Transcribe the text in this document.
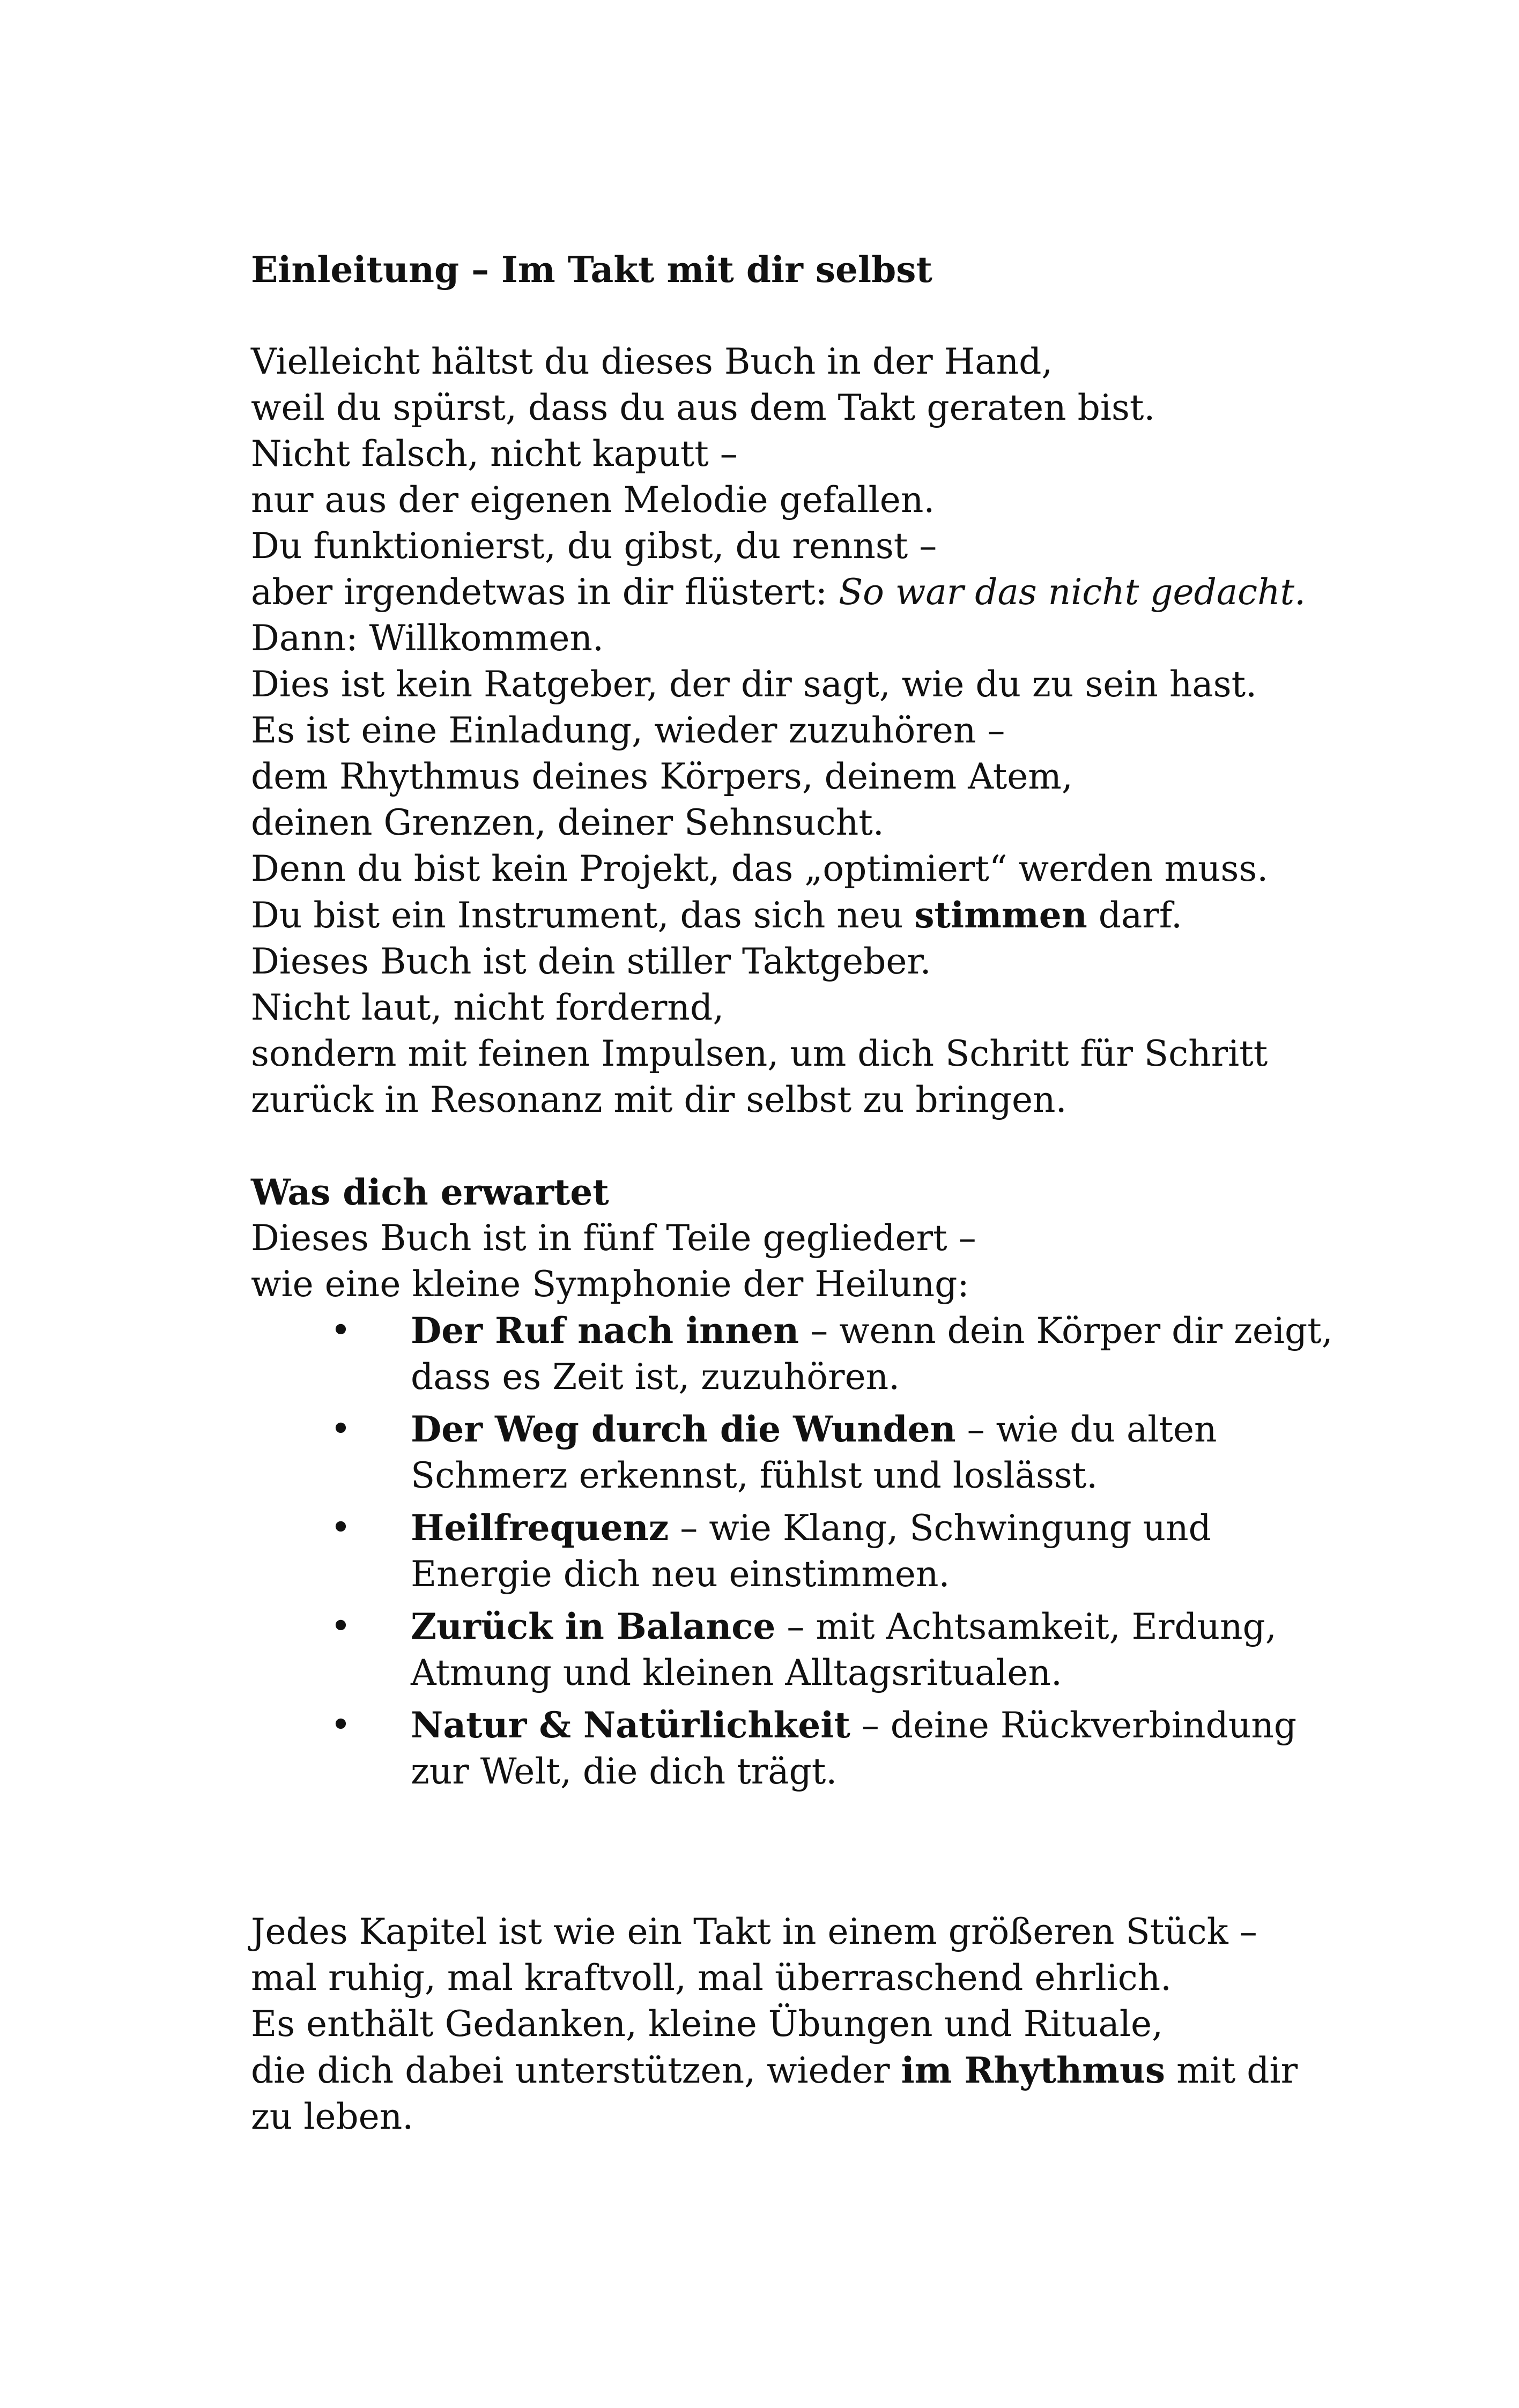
Einleitung – Im Takt mit dir selbst

Vielleicht hältst du dieses Buch in der Hand,

weil du spürst, dass du aus dem Takt geraten bist.

Nicht falsch, nicht kaputt –

nur aus der eigenen Melodie gefallen.

Du funktionierst, du gibst, du rennst –

aber irgendetwas in dir flüstert: So war das nicht gedacht.

Dann: Willkommen.

Dies ist kein Ratgeber, der dir sagt, wie du zu sein hast.

Es ist eine Einladung, wieder zuzuhören –

dem Rhythmus deines Körpers, deinem Atem,

deinen Grenzen, deiner Sehnsucht.

Denn du bist kein Projekt, das „optimiert“ werden muss.

Du bist ein Instrument, das sich neu stimmen darf.

Dieses Buch ist dein stiller Taktgeber.

Nicht laut, nicht fordernd,

sondern mit feinen Impulsen, um dich Schritt für Schritt

zurück in Resonanz mit dir selbst zu bringen.

Was dich erwartet

Dieses Buch ist in fünf Teile gegliedert –

wie eine kleine Symphonie der Heilung:

• Der Ruf nach innen – wenn dein Körper dir zeigt,
dass es Zeit ist, zuzuhören.
• Der Weg durch die Wunden – wie du alten
Schmerz erkennst, fühlst und loslässt.
• Heilfrequenz – wie Klang, Schwingung und
Energie dich neu einstimmen.
• Zurück in Balance – mit Achtsamkeit, Erdung,
Atmung und kleinen Alltagsritualen.
• Natur & Natürlichkeit – deine Rückverbindung
zur Welt, die dich trägt.

Jedes Kapitel ist wie ein Takt in einem größeren Stück –

mal ruhig, mal kraftvoll, mal überraschend ehrlich.

Es enthält Gedanken, kleine Übungen und Rituale,

die dich dabei unterstützen, wieder im Rhythmus mit dir

zu leben.
